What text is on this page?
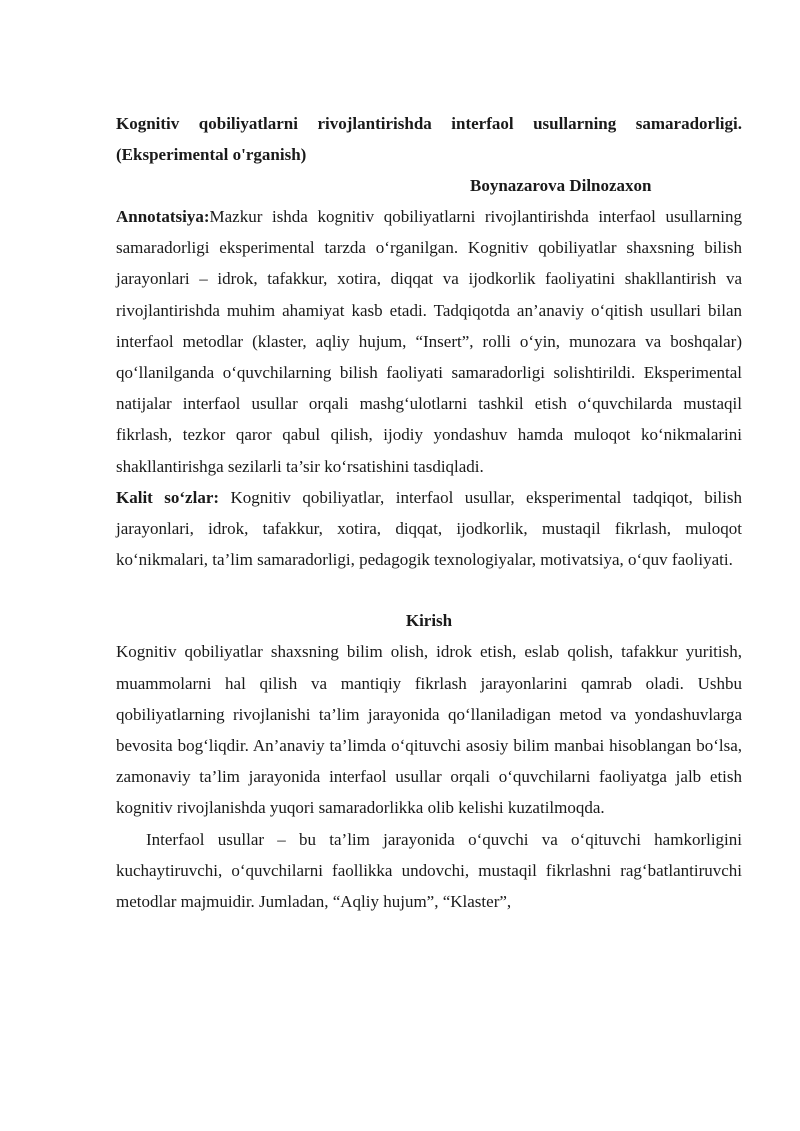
Kognitiv qobiliyatlarni rivojlantirishda interfaol usullarning samaradorligi. (Eksperimental o'rganish)

Boynazarova Dilnozaxon

Annotatsiya:Mazkur ishda kognitiv qobiliyatlarni rivojlantirishda interfaol usullarning samaradorligi eksperimental tarzda o‘rganilgan. Kognitiv qobiliyatlar shaxsning bilish jarayonlari – idrok, tafakkur, xotira, diqqat va ijodkorlik faoliyatini shakllantirish va rivojlantirishda muhim ahamiyat kasb etadi. Tadqiqotda an’anaviy o‘qitish usullari bilan interfaol metodlar (klaster, aqliy hujum, “Insert”, rolli o‘yin, munozara va boshqalar) qo‘llanilganda o‘quvchilarning bilish faoliyati samaradorligi solishtirildi. Eksperimental natijalar interfaol usullar orqali mashg‘ulotlarni tashkil etish o‘quvchilarda mustaqil fikrlash, tezkor qaror qabul qilish, ijodiy yondashuv hamda muloqot ko‘nikmalarini shakllantirishga sezilarli ta’sir ko‘rsatishini tasdiqladi.

Kalit so‘zlar: Kognitiv qobiliyatlar, interfaol usullar, eksperimental tadqiqot, bilish jarayonlari, idrok, tafakkur, xotira, diqqat, ijodkorlik, mustaqil fikrlash, muloqot ko‘nikmalari, ta’lim samaradorligi, pedagogik texnologiyalar, motivatsiya, o‘quv faoliyati.

Kirish

Kognitiv qobiliyatlar shaxsning bilim olish, idrok etish, eslab qolish, tafakkur yuritish, muammolarni hal qilish va mantiqiy fikrlash jarayonlarini qamrab oladi. Ushbu qobiliyatlarning rivojlanishi ta’lim jarayonida qo‘llaniladigan metod va yondashuvlarga bevosita bog‘liqdir. An’anaviy ta’limda o‘qituvchi asosiy bilim manbai hisoblangan bo‘lsa, zamonaviy ta’lim jarayonida interfaol usullar orqali o‘quvchilarni faoliyatga jalb etish kognitiv rivojlanishda yuqori samaradorlikka olib kelishi kuzatilmoqda.

Interfaol usullar – bu ta’lim jarayonida o‘quvchi va o‘qituvchi hamkorligini kuchaytiruvchi, o‘quvchilarni faollikka undovchi, mustaqil fikrlashni rag‘batlantiruvchi metodlar majmuidir. Jumladan, “Aqliy hujum”, “Klaster”,
